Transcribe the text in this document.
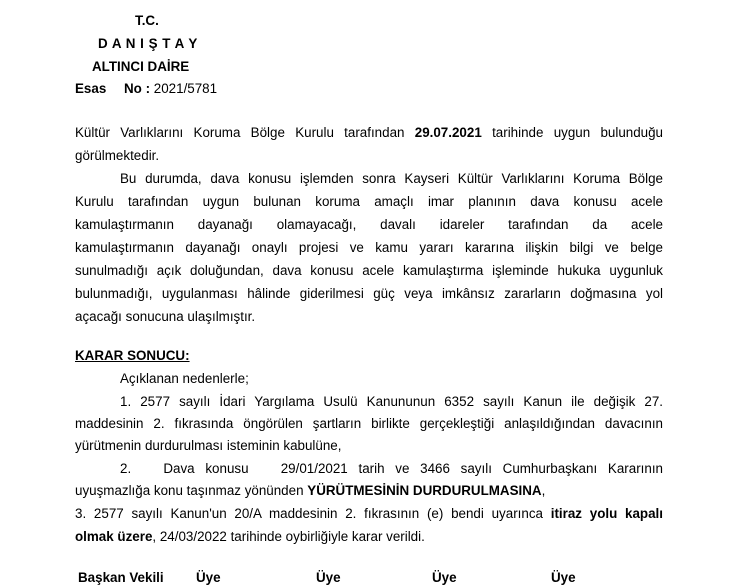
T.C.
D A N I Ş T A Y
ALTINCI DAİRE
Esas No : 2021/5781
Kültür Varlıklarını Koruma Bölge Kurulu tarafından 29.07.2021 tarihinde uygun bulunduğu
görülmektedir.
Bu durumda, dava konusu işlemden sonra Kayseri Kültür Varlıklarını Koruma Bölge
Kurulu tarafından uygun bulunan koruma amaçlı imar planının dava konusu acele
kamulaştırmanın dayanağı olamayacağı, davalı idareler tarafından da acele
kamulaştırmanın dayanağı onaylı projesi ve kamu yararı kararına ilişkin bilgi ve belge
sunulmadığı açık doluğundan, dava konusu acele kamulaştırma işleminde hukuka uygunluk
bulunmadığı, uygulanması hâlinde giderilmesi güç veya imkânsız zararların doğmasına yol
açacağı sonucuna ulaşılmıştır.
KARAR SONUCU:
Açıklanan nedenlerle;
1. 2577 sayılı İdari Yargılama Usulü Kanununun 6352 sayılı Kanun ile değişik 27.
maddesinin 2. fıkrasında öngörülen şartların birlikte gerçekleştiği anlaşıldığından davacının
yürütmenin durdurulması isteminin kabulüne,
2.   Dava konusu   29/01/2021 tarih ve 3466 sayılı Cumhurbaşkanı Kararının
uyuşmazlığa konu taşınmaz yönünden YÜRÜTMESİNİN DURDURULMASINA,
3. 2577 sayılı Kanun'un 20/A maddesinin 2. fıkrasının (e) bendi uyarınca itiraz yolu kapalı
olmak üzere, 24/03/2022 tarihinde oybirliğiyle karar verildi.
Başkan Vekili Üye	Üye	Üye	Üye
